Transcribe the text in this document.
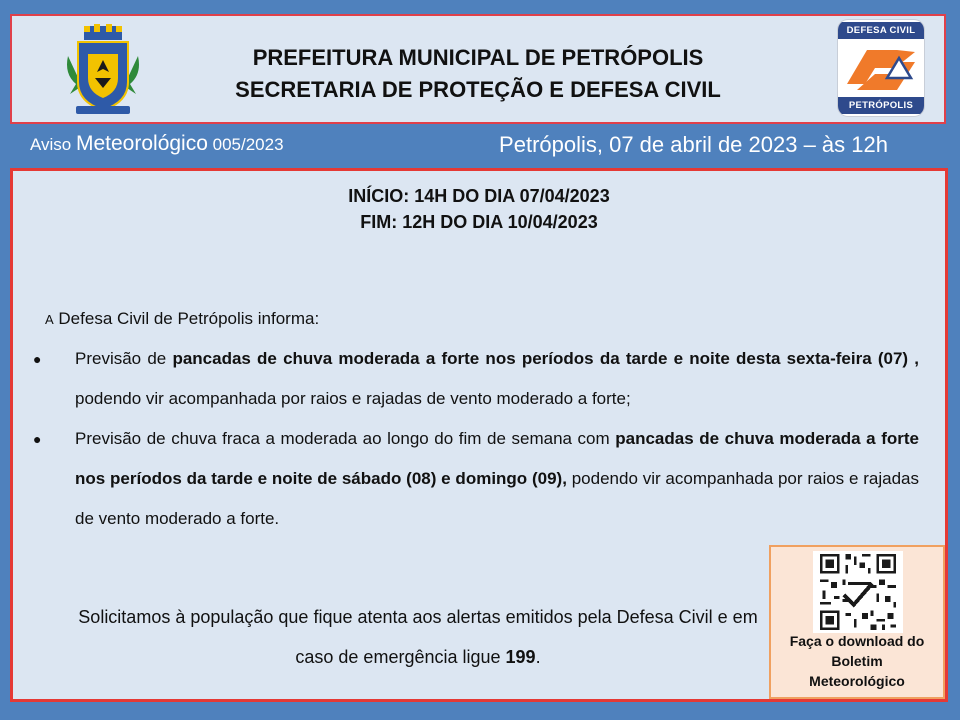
PREFEITURA MUNICIPAL DE PETRÓPOLIS
SECRETARIA DE PROTEÇÃO E DEFESA CIVIL
DEFESA CIVIL
PETRÓPOLIS
Aviso Meteorológico 005/2023	Petrópolis, 07 de abril de 2023 – às 12h
INÍCIO: 14H DO DIA 07/04/2023
FIM: 12H DO DIA 10/04/2023
A Defesa Civil de Petrópolis informa:
● Previsão de pancadas de chuva moderada a forte nos períodos da tarde e noite desta sexta-feira (07) , podendo vir acompanhada por raios e rajadas de vento moderado a forte;
● Previsão de chuva fraca a moderada ao longo do fim de semana com pancadas de chuva moderada a forte nos períodos da tarde e noite de sábado (08) e domingo (09), podendo vir acompanhada por raios e rajadas de vento moderado a forte.
Solicitamos à população que fique atenta aos alertas emitidos pela Defesa Civil e em caso de emergência ligue 199.
Faça o download do
Boletim
Meteorológico
